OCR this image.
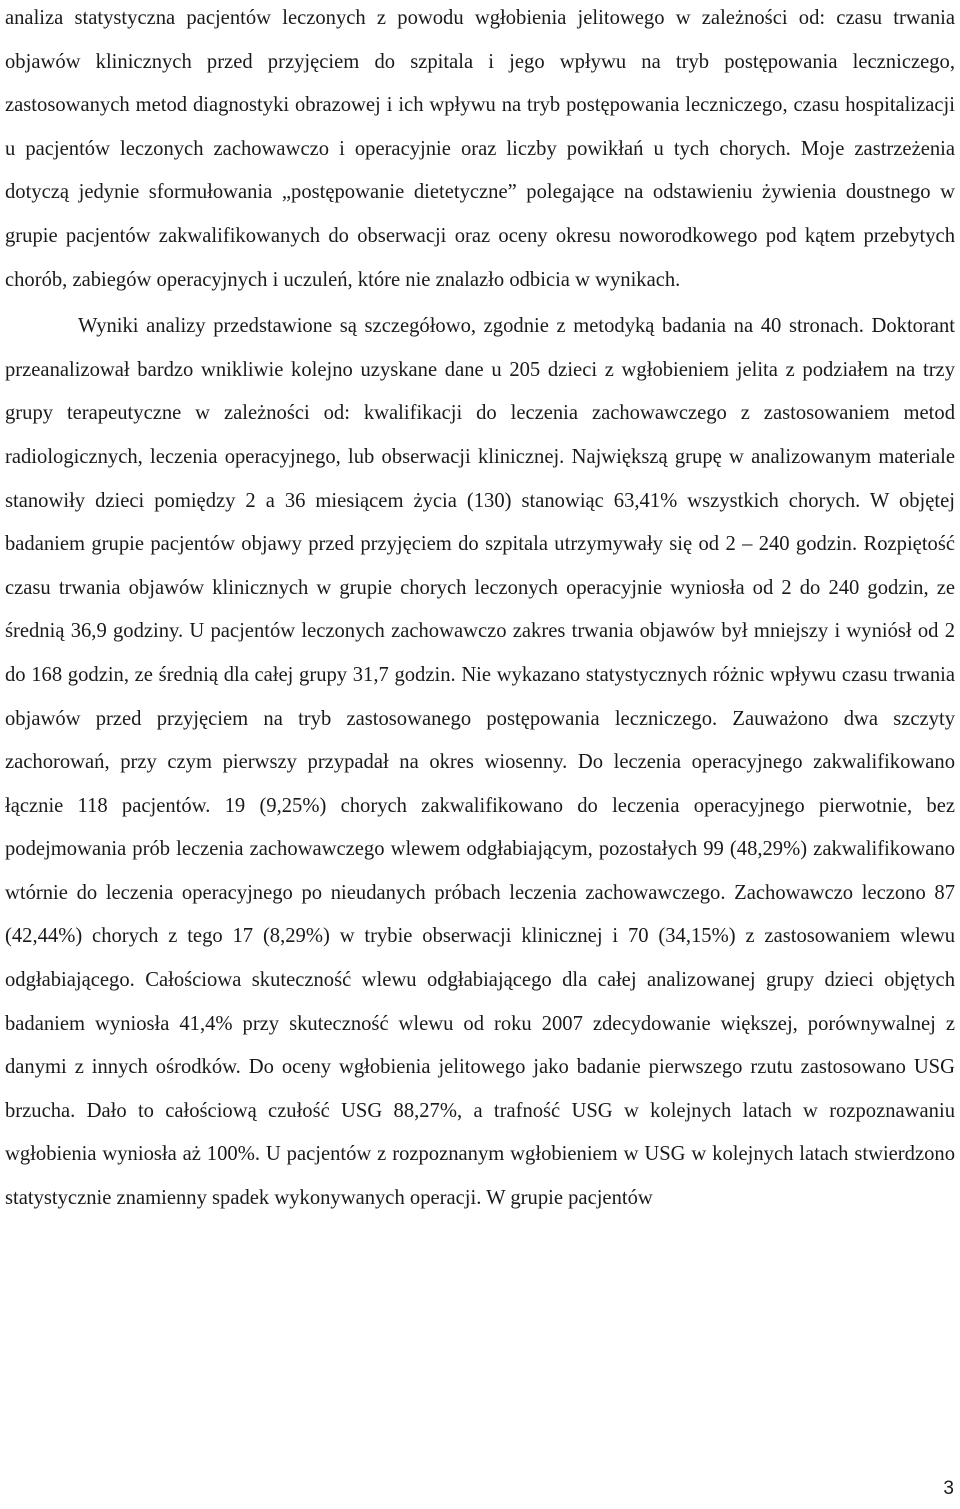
analiza statystyczna pacjentów leczonych z powodu wgłobienia jelitowego w zależności od: czasu trwania objawów klinicznych przed przyjęciem do szpitala i jego wpływu na tryb postępowania leczniczego, zastosowanych metod diagnostyki obrazowej i ich wpływu na tryb postępowania leczniczego, czasu hospitalizacji u pacjentów leczonych zachowawczo i operacyjnie oraz liczby powikłań u tych chorych. Moje zastrzeżenia dotyczą jedynie sformułowania „postępowanie dietetyczne” polegające na odstawieniu żywienia doustnego w grupie pacjentów zakwalifikowanych do obserwacji oraz oceny okresu noworodkowego pod kątem przebytych chorób, zabiegów operacyjnych i uczuleń, które nie znalazło odbicia w wynikach.

Wyniki analizy przedstawione są szczegółowo, zgodnie z metodyką badania na 40 stronach. Doktorant przeanalizował bardzo wnikliwie kolejno uzyskane dane u 205 dzieci z wgłobieniem jelita z podziałem na trzy grupy terapeutyczne w zależności od: kwalifikacji do leczenia zachowawczego z zastosowaniem metod radiologicznych, leczenia operacyjnego, lub obserwacji klinicznej. Największą grupę w analizowanym materiale stanowiły dzieci pomiędzy 2 a 36 miesiącem życia (130) stanowiąc 63,41% wszystkich chorych. W objętej badaniem grupie pacjentów objawy przed przyjęciem do szpitala utrzymywały się od 2 – 240 godzin. Rozpiętość czasu trwania objawów klinicznych w grupie chorych leczonych operacyjnie wyniosła od 2 do 240 godzin, ze średnią 36,9 godziny. U pacjentów leczonych zachowawczo zakres trwania objawów był mniejszy i wyniósł od 2 do 168 godzin, ze średnią dla całej grupy 31,7 godzin. Nie wykazano statystycznych różnic wpływu czasu trwania objawów przed przyjęciem na tryb zastosowanego postępowania leczniczego. Zauważono dwa szczyty zachorowań, przy czym pierwszy przypadał na okres wiosenny. Do leczenia operacyjnego zakwalifikowano łącznie 118 pacjentów. 19 (9,25%) chorych zakwalifikowano do leczenia operacyjnego pierwotnie, bez podejmowania prób leczenia zachowawczego wlewem odgłabiającym, pozostałych 99 (48,29%) zakwalifikowano wtórnie do leczenia operacyjnego po nieudanych próbach leczenia zachowawczego. Zachowawczo leczono 87 (42,44%) chorych z tego 17 (8,29%) w trybie obserwacji klinicznej i 70 (34,15%) z zastosowaniem wlewu odgłabiającego. Całościowa skuteczność wlewu odgłabiającego dla całej analizowanej grupy dzieci objętych badaniem wyniosła 41,4% przy skuteczność wlewu od roku 2007 zdecydowanie większej, porównywalnej z danymi z innych ośrodków. Do oceny wgłobienia jelitowego jako badanie pierwszego rzutu zastosowano USG brzucha. Dało to całościową czułość USG 88,27%, a trafność USG w kolejnych latach w rozpoznawaniu wgłobienia wyniosła aż 100%. U pacjentów z rozpoznanym wgłobieniem w USG w kolejnych latach stwierdzono statystycznie znamienny spadek wykonywanych operacji. W grupie pacjentów

3
